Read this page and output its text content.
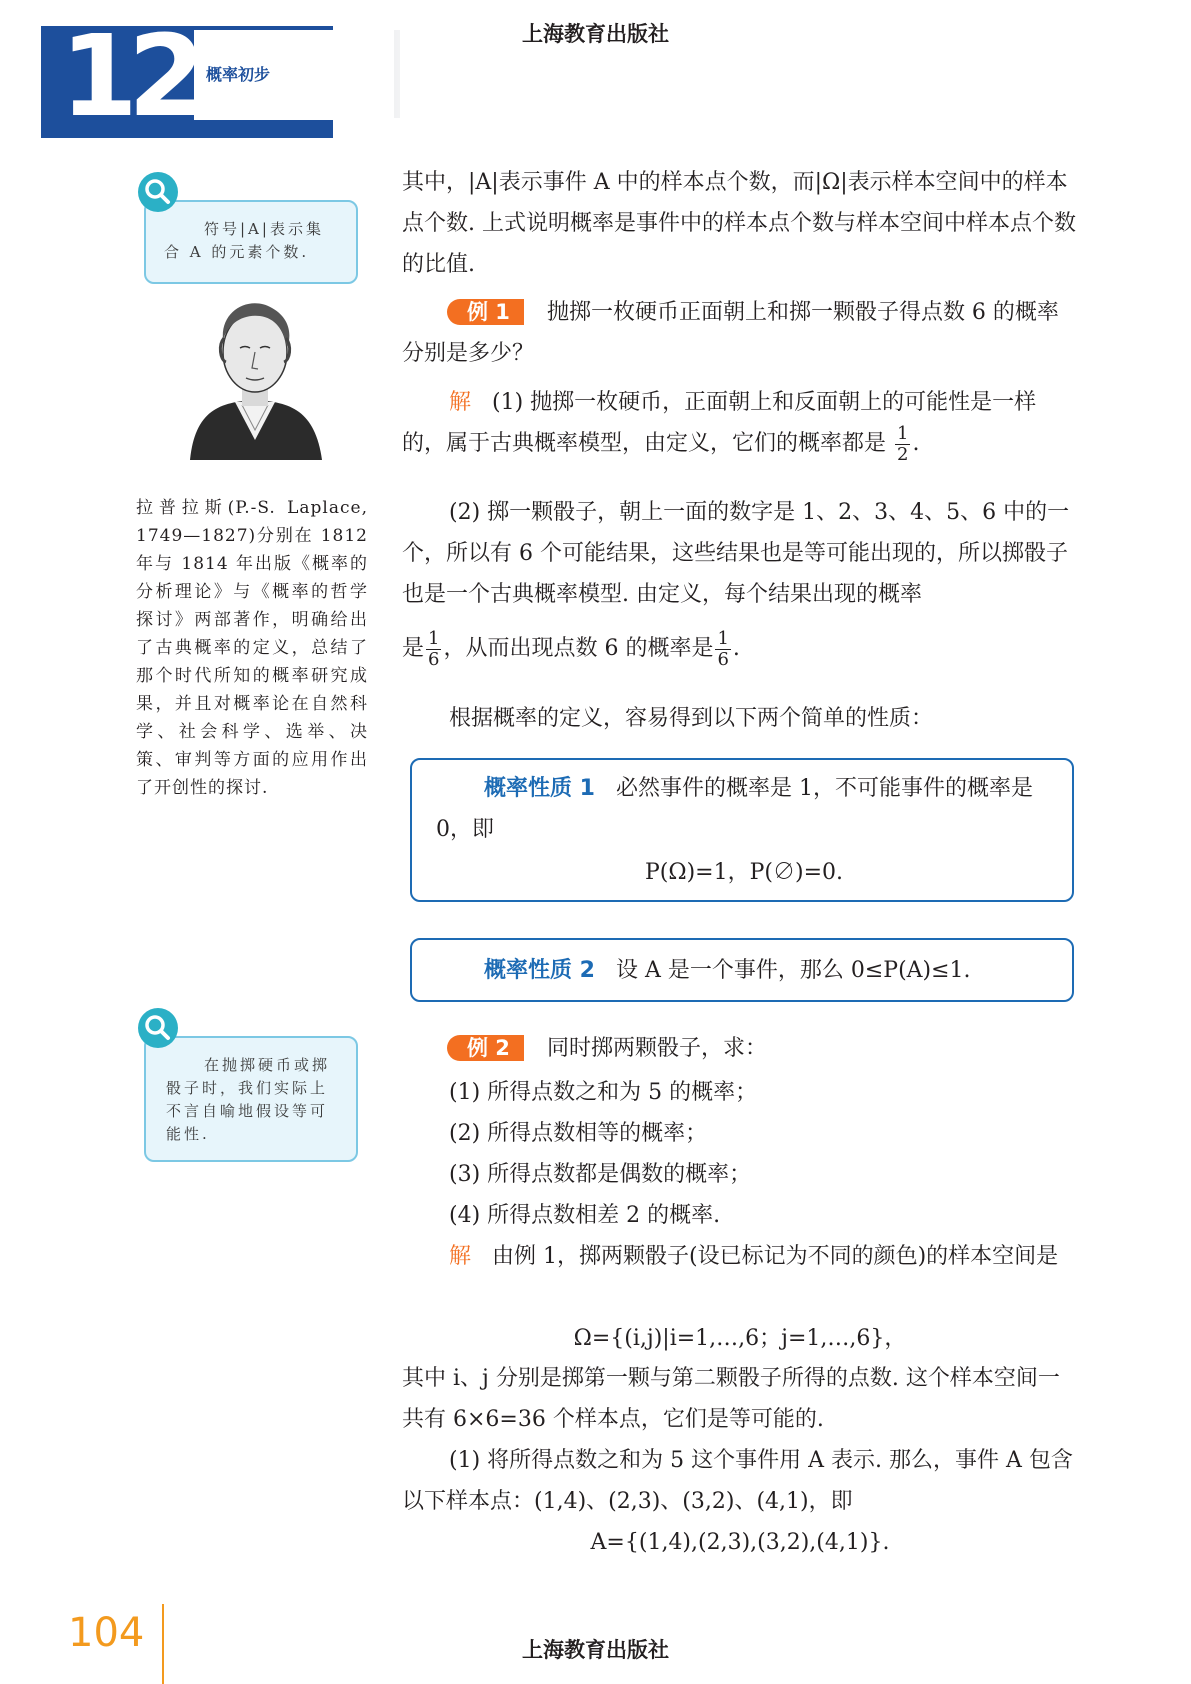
上海教育出版社
12 概率初步
符号|A|表示集
合 A 的元素个数.
拉普拉斯(P.-S. Laplace, 1749—1827)分别在 1812 年与 1814 年出版《概率的分析理论》与《概率的哲学探讨》两部著作，明确给出了古典概率的定义，总结了那个时代所知的概率研究成果，并且对概率论在自然科学、社会科学、选举、决策、审判等方面的应用作出了开创性的探讨.
在抛掷硬币或掷
骰子时，我们实际上
不言自喻地假设等可
能性.
其中，|A|表示事件 A 中的样本点个数，而|Ω|表示样本空间中的样本点个数. 上式说明概率是事件中的样本点个数与样本空间中样本点个数的比值.
例 1 抛掷一枚硬币正面朝上和掷一颗骰子得点数 6 的概率分别是多少？
解 (1) 抛掷一枚硬币，正面朝上和反面朝上的可能性是一样的，属于古典概率模型，由定义，它们的概率都是 $\frac{1}{2}$ .
(2) 掷一颗骰子，朝上一面的数字是 1、2、3、4、5、6 中的一个，所以有 6 个可能结果，这些结果也是等可能出现的，所以掷骰子也是一个古典概率模型. 由定义，每个结果出现的概率
是 $\frac{1}{6}$ ，从而出现点数 6 的概率是 $\frac{1}{6}$ .
根据概率的定义，容易得到以下两个简单的性质：
概率性质 1 必然事件的概率是 1，不可能事件的概率是 0，即
P(Ω)=1，P(∅)=0.
概率性质 2 设 A 是一个事件，那么 0≤P(A)≤1.
例 2 同时掷两颗骰子，求：
(1) 所得点数之和为 5 的概率；
(2) 所得点数相等的概率；
(3) 所得点数都是偶数的概率；
(4) 所得点数相差 2 的概率.
解 由例 1，掷两颗骰子(设已标记为不同的颜色)的样本空间是
Ω={(i,j)|i=1,…,6；j=1,…,6}，
其中 i、j 分别是掷第一颗与第二颗骰子所得的点数. 这个样本空间一共有 6×6=36 个样本点，它们是等可能的.
(1) 将所得点数之和为 5 这个事件用 A 表示. 那么，事件 A 包含以下样本点：(1,4)、(2,3)、(3,2)、(4,1)，即
A={(1,4),(2,3),(3,2),(4,1)}.
104	上海教育出版社
